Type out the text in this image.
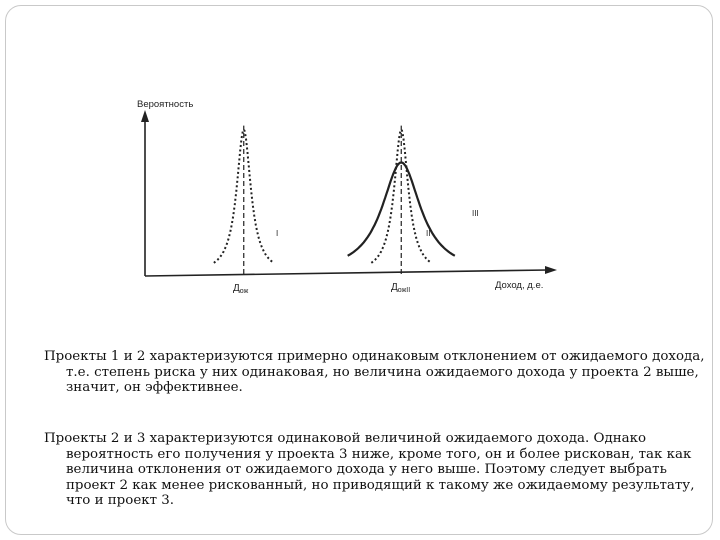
Вероятность
Доход, д.е.
I	II
III
$Д_{ож}$	$Д_{ожII}$

Проекты 1 и 2 характеризуются примерно одинаковым отклонением от ожидаемого дохода, т.е. степень риска у них одинаковая, но величина ожидаемого дохода у проекта 2 выше, значит, он эффективнее.

Проекты 2 и 3 характеризуются одинаковой величиной ожидаемого дохода. Однако вероятность его получения у проекта 3 ниже, кроме того, он и более рискован, так как величина отклонения от ожидаемого дохода у него выше. Поэтому следует выбрать проект 2 как менее рискованный, но приводящий к такому же ожидаемому результату, что и проект 3.
